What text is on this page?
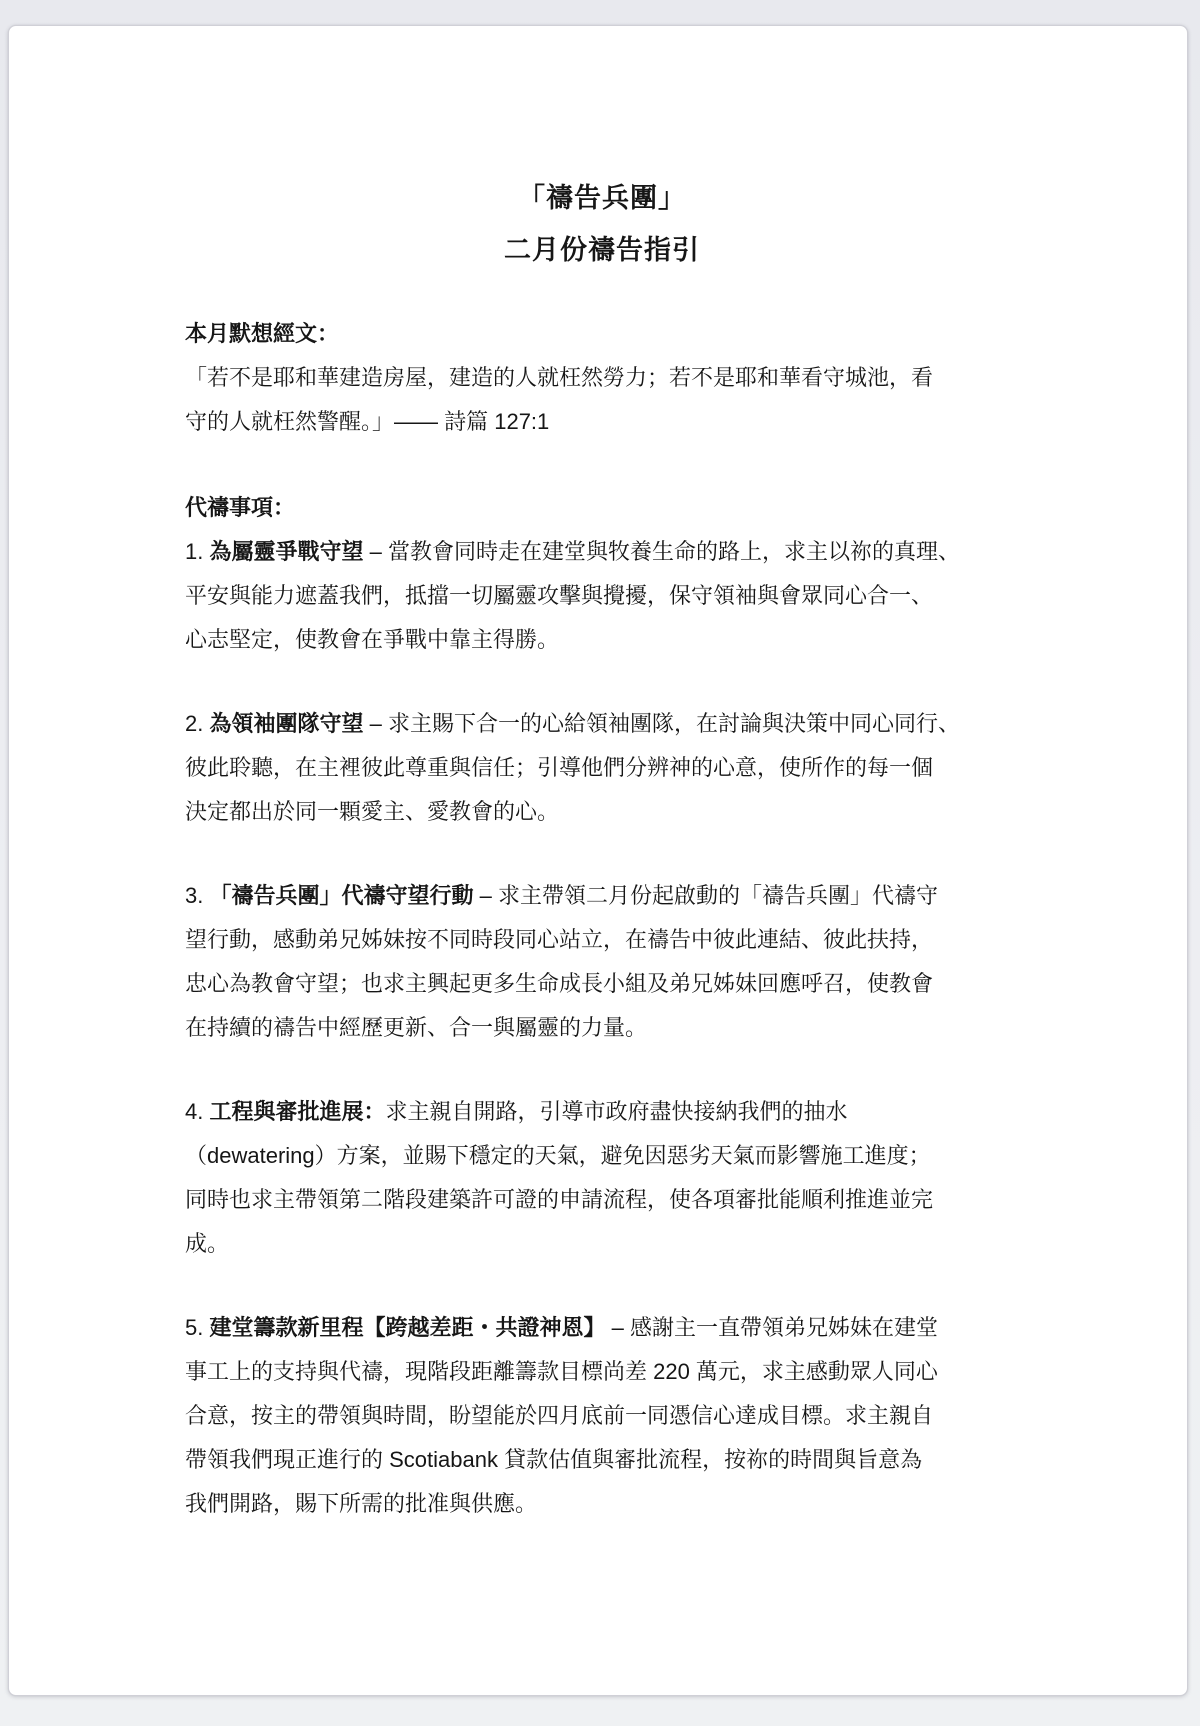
「禱告兵團」
二月份禱告指引
本月默想經文：
「若不是耶和華建造房屋，建造的人就枉然勞力；若不是耶和華看守城池，看
守的人就枉然警醒。」—— 詩篇 127:1
代禱事項：
1. 為屬靈爭戰守望 – 當教會同時走在建堂與牧養生命的路上，求主以祢的真理、
平安與能力遮蓋我們，抵擋一切屬靈攻擊與攪擾，保守領袖與會眾同心合一、
心志堅定，使教會在爭戰中靠主得勝。
2. 為領袖團隊守望 – 求主賜下合一的心給領袖團隊，在討論與決策中同心同行、
彼此聆聽，在主裡彼此尊重與信任；引導他們分辨神的心意，使所作的每一個
決定都出於同一顆愛主、愛教會的心。
3. 「禱告兵團」代禱守望行動 – 求主帶領二月份起啟動的「禱告兵團」代禱守
望行動，感動弟兄姊妹按不同時段同心站立，在禱告中彼此連結、彼此扶持，
忠心為教會守望；也求主興起更多生命成長小組及弟兄姊妹回應呼召，使教會
在持續的禱告中經歷更新、合一與屬靈的力量。
4. 工程與審批進展：求主親自開路，引導市政府盡快接納我們的抽水
（dewatering）方案，並賜下穩定的天氣，避免因惡劣天氣而影響施工進度；
同時也求主帶領第二階段建築許可證的申請流程，使各項審批能順利推進並完
成。
5. 建堂籌款新里程【跨越差距・共證神恩】 – 感謝主一直帶領弟兄姊妹在建堂
事工上的支持與代禱，現階段距離籌款目標尚差 220 萬元，求主感動眾人同心
合意，按主的帶領與時間，盼望能於四月底前一同憑信心達成目標。求主親自
帶領我們現正進行的 Scotiabank 貸款估值與審批流程，按祢的時間與旨意為
我們開路，賜下所需的批准與供應。
